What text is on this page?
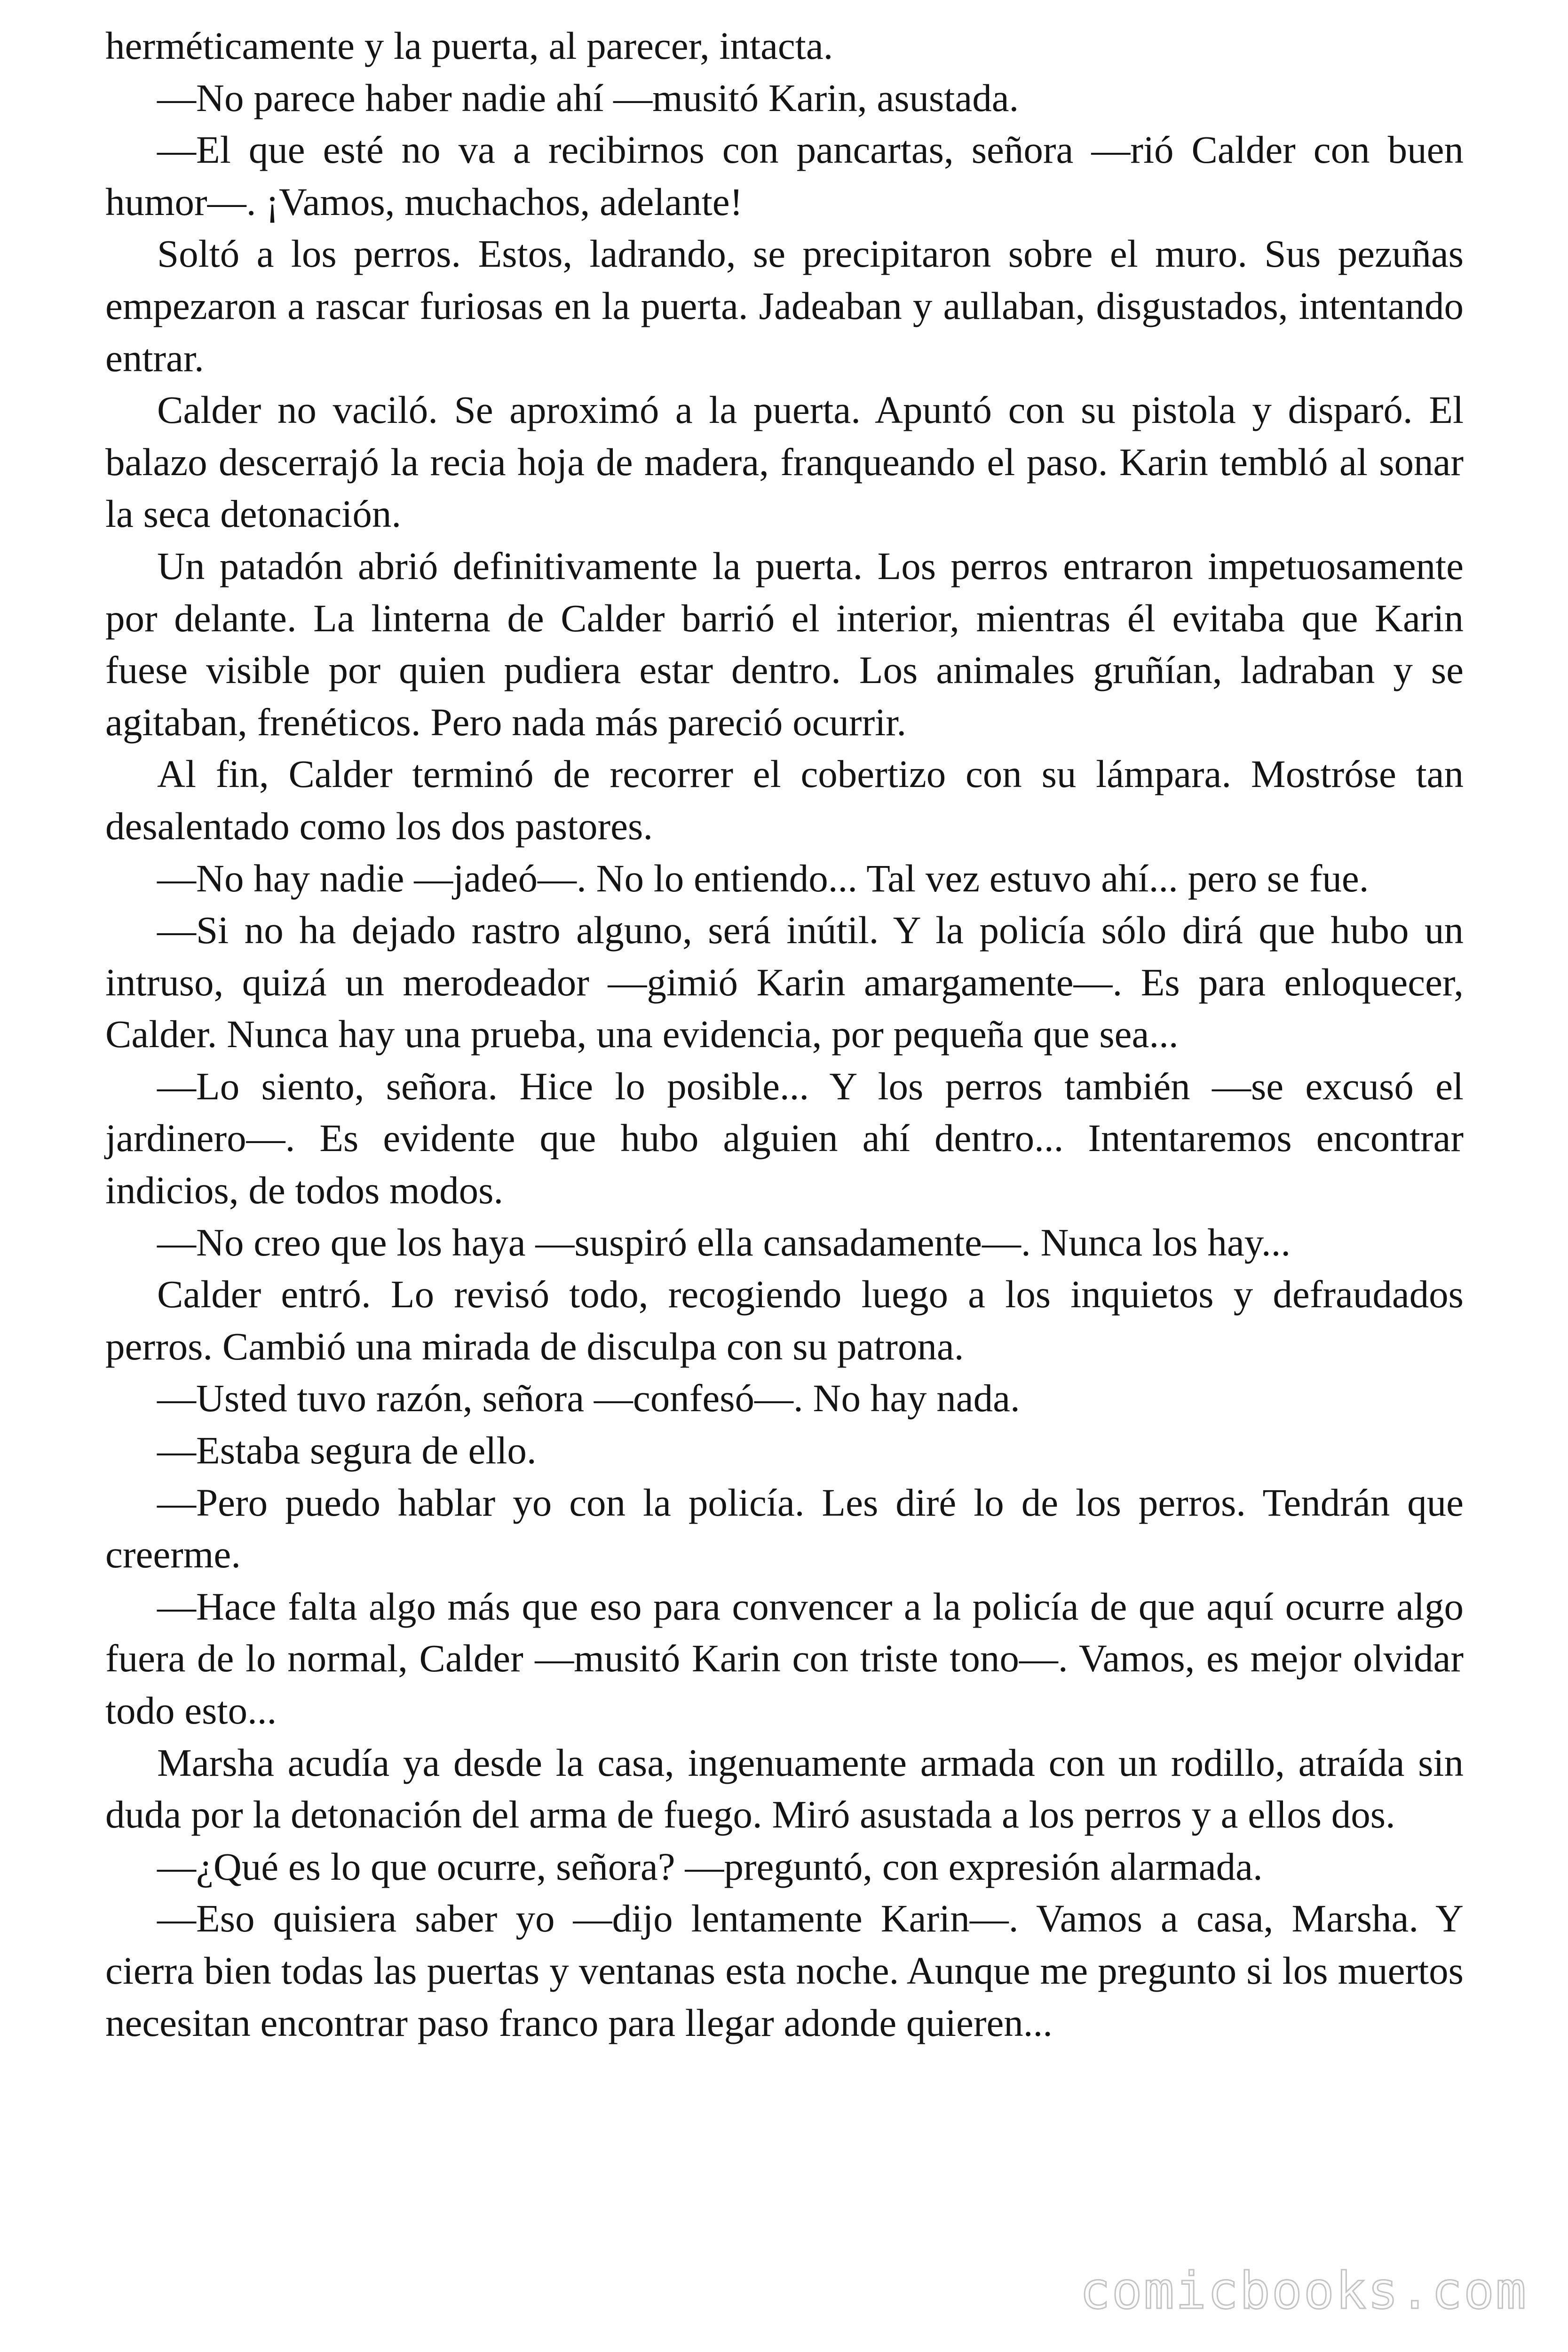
herméticamente y la puerta, al parecer, intacta.

—No parece haber nadie ahí —musitó Karin, asustada.

—El que esté no va a recibirnos con pancartas, señora —rió Calder con buen humor—. ¡Vamos, muchachos, adelante!

Soltó a los perros. Estos, ladrando, se precipitaron sobre el muro. Sus pezuñas empezaron a rascar furiosas en la puerta. Jadeaban y aullaban, disgustados, intentando entrar.

Calder no vaciló. Se aproximó a la puerta. Apuntó con su pistola y disparó. El balazo descerrajó la recia hoja de madera, franqueando el paso. Karin tembló al sonar la seca detonación.

Un patadón abrió definitivamente la puerta. Los perros entraron impetuosamente por delante. La linterna de Calder barrió el interior, mientras él evitaba que Karin fuese visible por quien pudiera estar dentro. Los animales gruñían, ladraban y se agitaban, frenéticos. Pero nada más pareció ocurrir.

Al fin, Calder terminó de recorrer el cobertizo con su lámpara. Mostróse tan desalentado como los dos pastores.

—No hay nadie —jadeó—. No lo entiendo... Tal vez estuvo ahí... pero se fue.

—Si no ha dejado rastro alguno, será inútil. Y la policía sólo dirá que hubo un intruso, quizá un merodeador —gimió Karin amargamente—. Es para enloquecer, Calder. Nunca hay una prueba, una evidencia, por pequeña que sea...

—Lo siento, señora. Hice lo posible... Y los perros también —se excusó el jardinero—. Es evidente que hubo alguien ahí dentro... Intentaremos encontrar indicios, de todos modos.

—No creo que los haya —suspiró ella cansadamente—. Nunca los hay...

Calder entró. Lo revisó todo, recogiendo luego a los inquietos y defraudados perros. Cambió una mirada de disculpa con su patrona.

—Usted tuvo razón, señora —confesó—. No hay nada.

—Estaba segura de ello.

—Pero puedo hablar yo con la policía. Les diré lo de los perros. Tendrán que creerme.

—Hace falta algo más que eso para convencer a la policía de que aquí ocurre algo fuera de lo normal, Calder —musitó Karin con triste tono—. Vamos, es mejor olvidar todo esto...

Marsha acudía ya desde la casa, ingenuamente armada con un rodillo, atraída sin duda por la detonación del arma de fuego. Miró asustada a los perros y a ellos dos.

—¿Qué es lo que ocurre, señora? —preguntó, con expresión alarmada.

—Eso quisiera saber yo —dijo lentamente Karin—. Vamos a casa, Marsha. Y cierra bien todas las puertas y ventanas esta noche. Aunque me pregunto si los muertos necesitan encontrar paso franco para llegar adonde quieren...

comicbooks.com
